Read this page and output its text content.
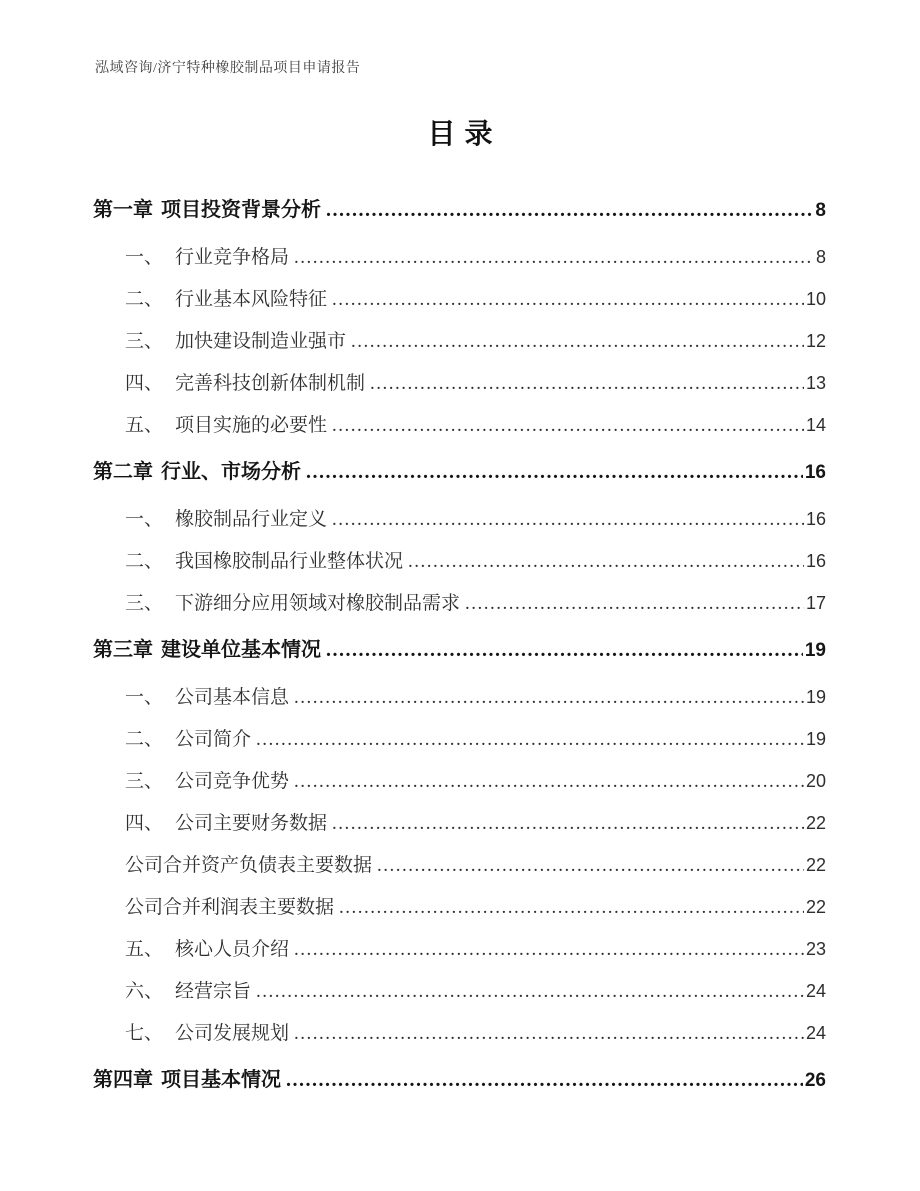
泓域咨询/济宁特种橡胶制品项目申请报告
目录
第一章 项目投资背景分析 .....	8
一、 行业竞争格局 .....	8
二、 行业基本风险特征 .....	10
三、 加快建设制造业强市 .....	12
四、 完善科技创新体制机制 .....	13
五、 项目实施的必要性 .....	14
第二章 行业、市场分析 .....	16
一、 橡胶制品行业定义 .....	16
二、 我国橡胶制品行业整体状况 .....	16
三、 下游细分应用领域对橡胶制品需求 .....	17
第三章 建设单位基本情况 .....	19
一、 公司基本信息 .....	19
二、 公司简介 .....	19
三、 公司竞争优势 .....	20
四、 公司主要财务数据 .....	22
公司合并资产负债表主要数据 .....	22
公司合并利润表主要数据 .....	22
五、 核心人员介绍 .....	23
六、 经营宗旨 .....	24
七、 公司发展规划 .....	24
第四章 项目基本情况 .....	26
